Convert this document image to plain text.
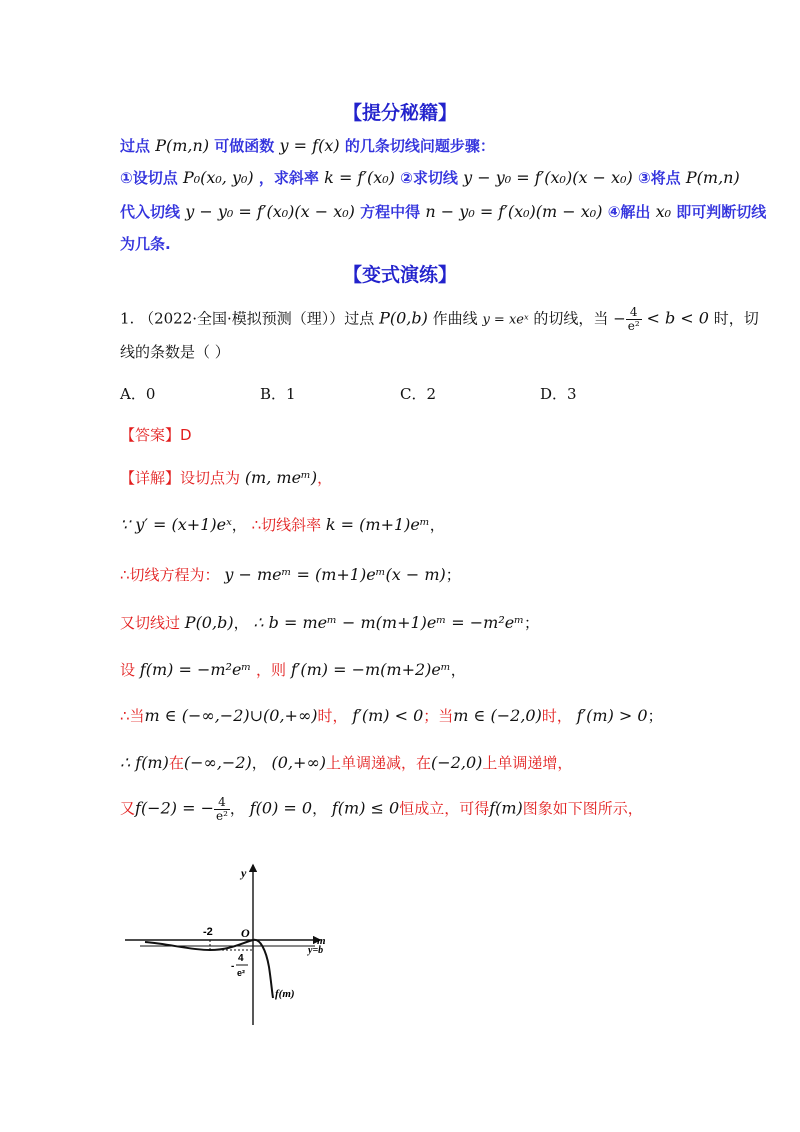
【提分秘籍】
过点 P(m,n) 可做函数 y = f(x) 的几条切线问题步骤：
①设切点 P₀(x₀, y₀) ，求斜率 k = f′(x₀) ②求切线 y − y₀ = f′(x₀)(x − x₀) ③将点 P(m,n)
代入切线 y − y₀ = f′(x₀)(x − x₀) 方程中得 n − y₀ = f′(x₀)(m − x₀) ④解出 x₀ 即可判断切线
为几条.
【变式演练】
1. （2022·全国·模拟预测（理））过点 P(0,b) 作曲线 y = xeˣ 的切线，当 − $\frac{4}{\text{e²}} < b < 0$ 时，切
线的条数是（ ）
A．0	B．1	C．2	D．3
【答案】D
【详解】设切点为 (m, meᵐ)，
∵ y′ = (x+1)eˣ， ∴切线斜率 k = (m+1)eᵐ，
∴切线方程为： y − meᵐ = (m+1)eᵐ(x − m)；
又切线过 P(0,b)， ∴ b = meᵐ − m(m+1)eᵐ = −m²eᵐ；
设 f(m) = −m²eᵐ ，则 f′(m) = −m(m+2)eᵐ，
∴当m ∈ (−∞,−2)∪(0,+∞)时， f′(m) < 0；当m ∈ (−2,0)时， f′(m) > 0；
∴ f(m)在(−∞,−2)， (0,+∞)上单调递减，在(−2,0)上单调递增，
又f(−2) = − $\frac{4}{\text{e²}}$ ， f(0) = 0， f(m) ≤ 0恒成立，可得f(m)图象如下图所示，
y
m
O
-2
y=b
4
-
e²
f(m)
